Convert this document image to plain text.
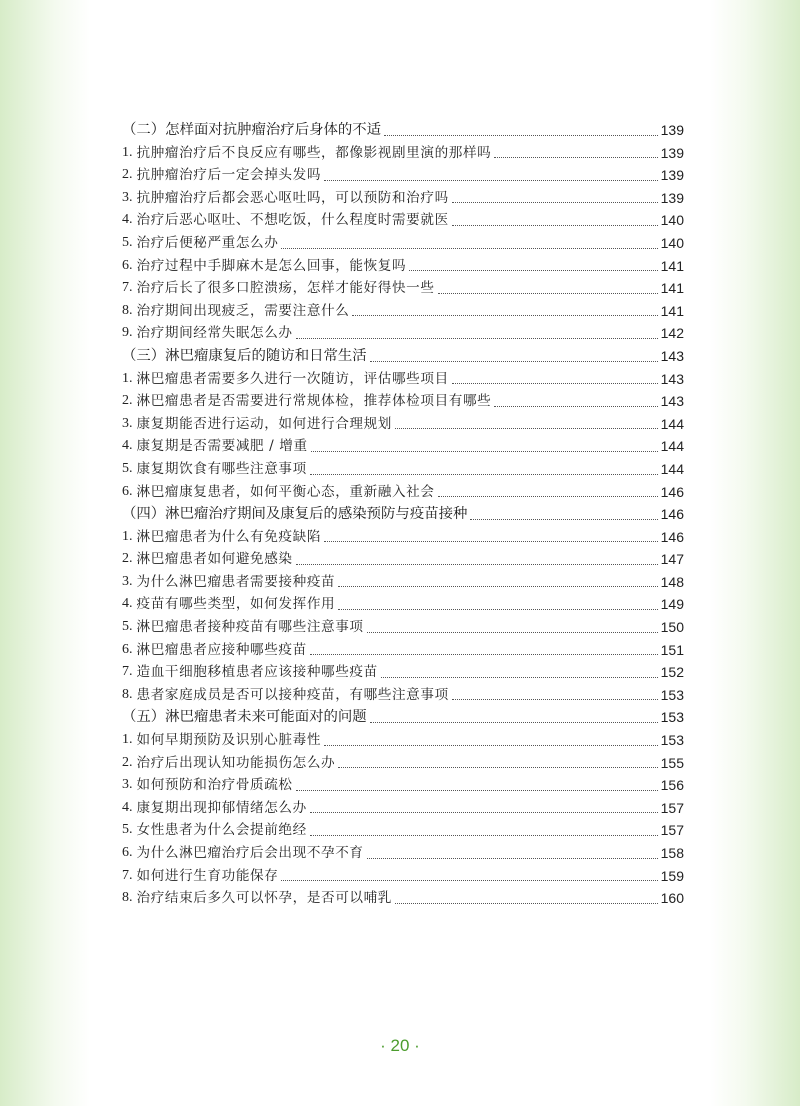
（二）怎样面对抗肿瘤治疗后身体的不适	139
1. 抗肿瘤治疗后不良反应有哪些，都像影视剧里演的那样吗	139
2. 抗肿瘤治疗后一定会掉头发吗	139
3. 抗肿瘤治疗后都会恶心呕吐吗，可以预防和治疗吗	139
4. 治疗后恶心呕吐、不想吃饭，什么程度时需要就医	140
5. 治疗后便秘严重怎么办	140
6. 治疗过程中手脚麻木是怎么回事，能恢复吗	141
7. 治疗后长了很多口腔溃疡，怎样才能好得快一些	141
8. 治疗期间出现疲乏，需要注意什么	141
9. 治疗期间经常失眠怎么办	142
（三）淋巴瘤康复后的随访和日常生活	143
1. 淋巴瘤患者需要多久进行一次随访，评估哪些项目	143
2. 淋巴瘤患者是否需要进行常规体检，推荐体检项目有哪些	143
3. 康复期能否进行运动，如何进行合理规划	144
4. 康复期是否需要减肥 / 增重	144
5. 康复期饮食有哪些注意事项	144
6. 淋巴瘤康复患者，如何平衡心态，重新融入社会	146
（四）淋巴瘤治疗期间及康复后的感染预防与疫苗接种	146
1. 淋巴瘤患者为什么有免疫缺陷	146
2. 淋巴瘤患者如何避免感染	147
3. 为什么淋巴瘤患者需要接种疫苗	148
4. 疫苗有哪些类型，如何发挥作用	149
5. 淋巴瘤患者接种疫苗有哪些注意事项	150
6. 淋巴瘤患者应接种哪些疫苗	151
7. 造血干细胞移植患者应该接种哪些疫苗	152
8. 患者家庭成员是否可以接种疫苗，有哪些注意事项	153
（五）淋巴瘤患者未来可能面对的问题	153
1. 如何早期预防及识别心脏毒性	153
2. 治疗后出现认知功能损伤怎么办	155
3. 如何预防和治疗骨质疏松	156
4. 康复期出现抑郁情绪怎么办	157
5. 女性患者为什么会提前绝经	157
6. 为什么淋巴瘤治疗后会出现不孕不育	158
7. 如何进行生育功能保存	159
8. 治疗结束后多久可以怀孕，是否可以哺乳	160
· 20 ·
